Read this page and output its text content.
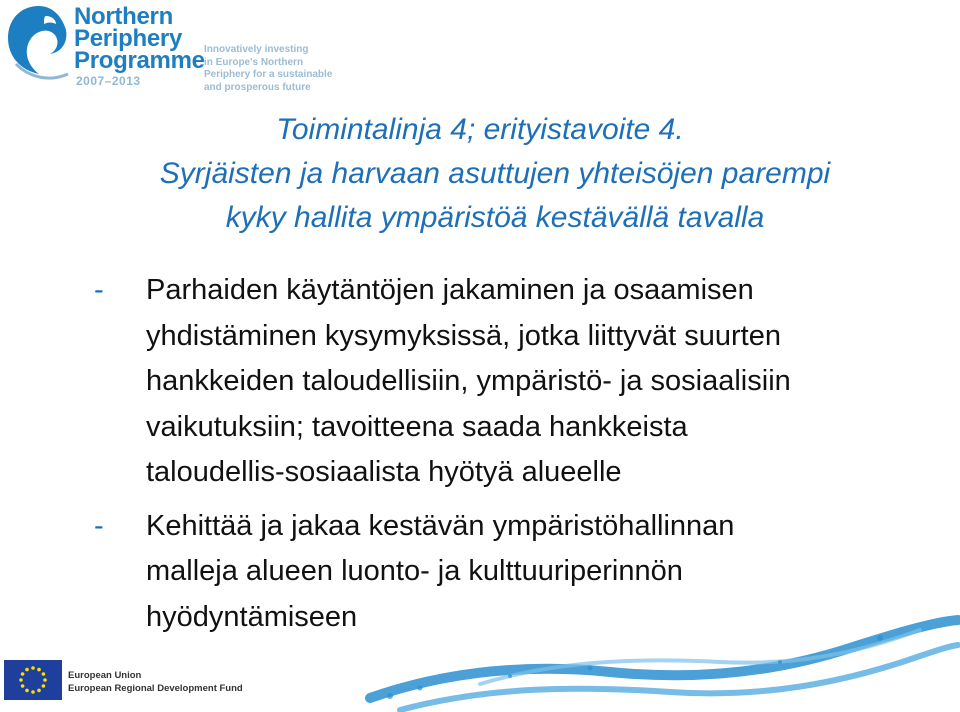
Northern
Periphery
Programme
2007–2013
Innovatively investing
in Europe's Northern
Periphery for a sustainable
and prosperous future
Toimintalinja 4; erityistavoite 4.
Syrjäisten ja harvaan asuttujen yhteisöjen parempi
kyky hallita ympäristöä kestävällä tavalla
- Parhaiden käytäntöjen jakaminen ja osaamisen
yhdistäminen kysymyksissä, jotka liittyvät suurten
hankkeiden taloudellisiin, ympäristö- ja sosiaalisiin
vaikutuksiin; tavoitteena saada hankkeista
taloudellis-sosiaalista hyötyä alueelle
- Kehittää ja jakaa kestävän ympäristöhallinnan
malleja alueen luonto- ja kulttuuriperinnön
hyödyntämiseen
European Union
European Regional Development Fund
